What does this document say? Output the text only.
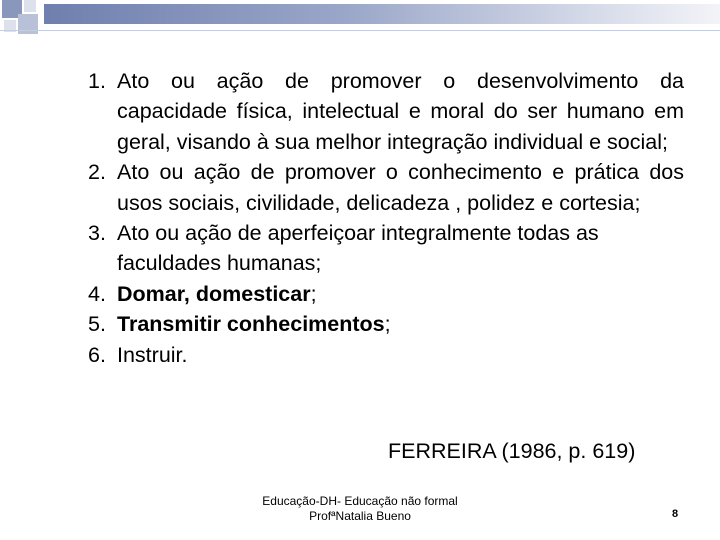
1. Ato ou ação de promover o desenvolvimento da capacidade física, intelectual e moral do ser humano em geral, visando à sua melhor integração individual e social;
2. Ato ou ação de promover o conhecimento e prática dos usos sociais, civilidade, delicadeza , polidez e cortesia;
3. Ato ou ação de aperfeiçoar integralmente todas as faculdades humanas;
4. Domar, domesticar;
5. Transmitir conhecimentos;
6. Instruir.
FERREIRA (1986, p. 619)
Educação-DH- Educação não formal
ProfªNatalia Bueno	8
